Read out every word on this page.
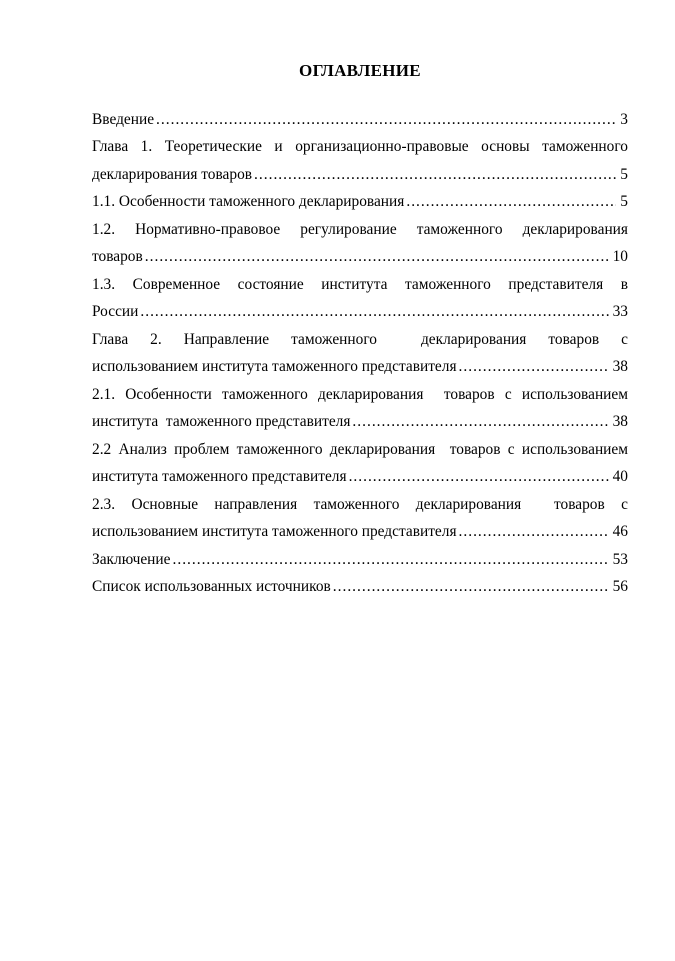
ОГЛАВЛЕНИЕ
Введение .....	3
Глава 1. Теоретические и организационно-правовые основы таможенного
декларирования товаров .....	5
1.1. Особенности таможенного декларирования .....	5
1.2. Нормативно-правовое регулирование таможенного декларирования
товаров .....	10
1.3. Современное состояние института таможенного представителя в
России .....	33
Глава 2. Направление таможенного  декларирования товаров с
использованием института таможенного представителя .....	38
2.1. Особенности таможенного декларирования  товаров с использованием
института  таможенного представителя .....	38
2.2 Анализ проблем таможенного декларирования  товаров с использованием
института таможенного представителя .....	40
2.3. Основные направления таможенного декларирования  товаров с
использованием института таможенного представителя .....	46
Заключение .....	53
Список использованных источников .....	56
